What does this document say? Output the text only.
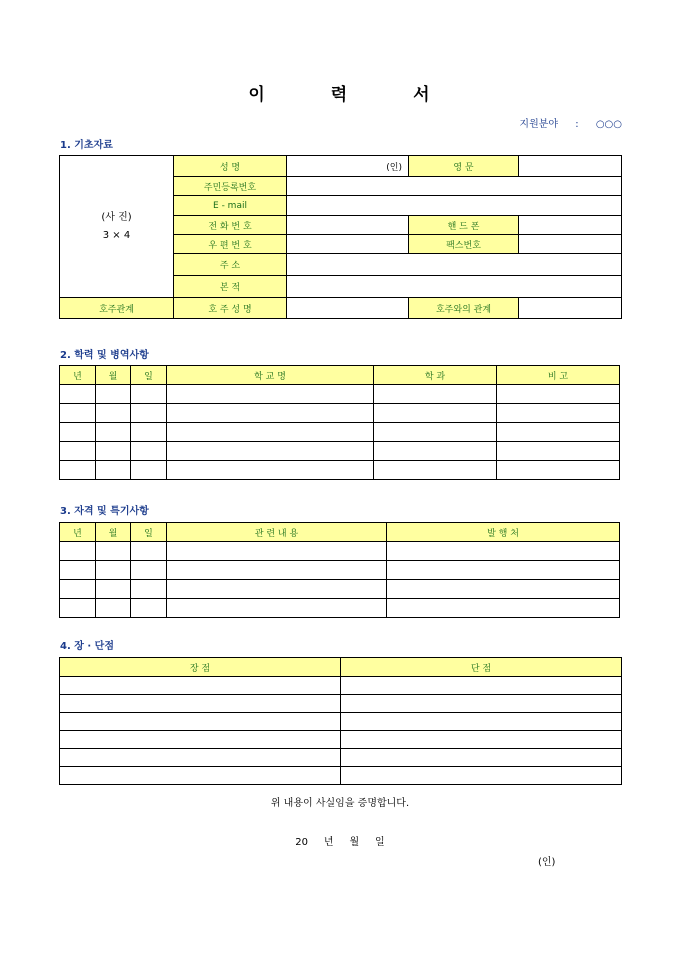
이	력	서
지원분야 : ○○○
1. 기초자료
(사 진)
3 × 4	성 명	(인)	영 문	
	주민등록번호			
	E - mail			
	전 화 번 호		핸 드 폰	
	우 편 번 호		팩스번호	
	주 소			
	본 적			
호주관계	호 주 성 명		호주와의 관계	
2. 학력 및 병역사항
년	월	일	학 교 명	학 과	비 고

3. 자격 및 특기사항
년	월	일	관 련 내 용	발 행 처

4. 장 · 단점
장 점	단 점

위 내용이 사실임을 증명합니다.
20     년     월     일
(인)
